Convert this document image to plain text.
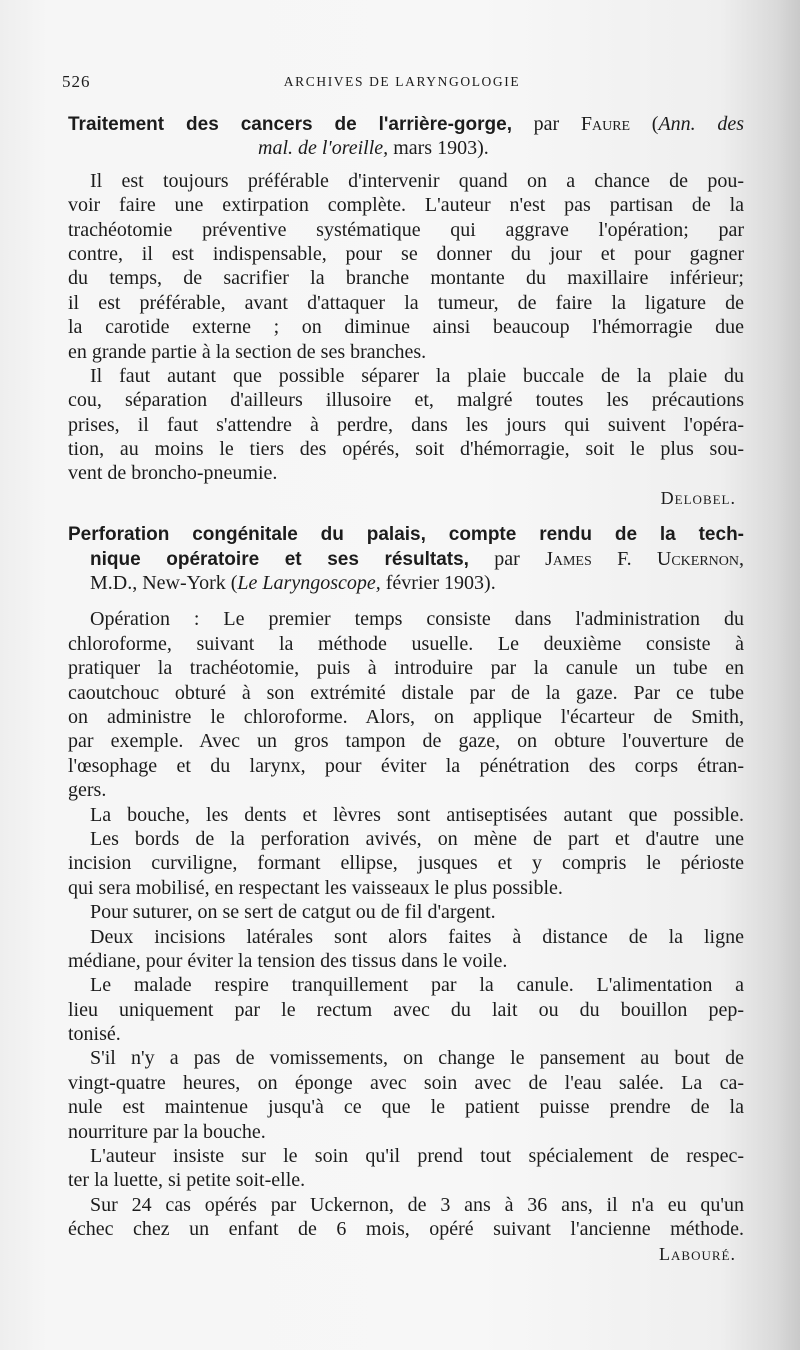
526	ARCHIVES DE LARYNGOLOGIE
Traitement des cancers de l'arrière-gorge, par Faure (Ann. des
mal. de l'oreille, mars 1903).
Il est toujours préférable d'intervenir quand on a chance de pou-
voir faire une extirpation complète. L'auteur n'est pas partisan de la
trachéotomie préventive systématique qui aggrave l'opération; par
contre, il est indispensable, pour se donner du jour et pour gagner
du temps, de sacrifier la branche montante du maxillaire inférieur;
il est préférable, avant d'attaquer la tumeur, de faire la ligature de
la carotide externe ; on diminue ainsi beaucoup l'hémorragie due
en grande partie à la section de ses branches.
Il faut autant que possible séparer la plaie buccale de la plaie du
cou, séparation d'ailleurs illusoire et, malgré toutes les précautions
prises, il faut s'attendre à perdre, dans les jours qui suivent l'opéra-
tion, au moins le tiers des opérés, soit d'hémorragie, soit le plus sou-
vent de broncho-pneumie.
Delobel.
Perforation congénitale du palais, compte rendu de la tech-
nique opératoire et ses résultats, par James F. Uckernon,
M.D., New-York (Le Laryngoscope, février 1903).
Opération : Le premier temps consiste dans l'administration du
chloroforme, suivant la méthode usuelle. Le deuxième consiste à
pratiquer la trachéotomie, puis à introduire par la canule un tube en
caoutchouc obturé à son extrémité distale par de la gaze. Par ce tube
on administre le chloroforme. Alors, on applique l'écarteur de Smith,
par exemple. Avec un gros tampon de gaze, on obture l'ouverture de
l'œsophage et du larynx, pour éviter la pénétration des corps étran-
gers.
La bouche, les dents et lèvres sont antiseptisées autant que possible.
Les bords de la perforation avivés, on mène de part et d'autre une
incision curviligne, formant ellipse, jusques et y compris le périoste
qui sera mobilisé, en respectant les vaisseaux le plus possible.
Pour suturer, on se sert de catgut ou de fil d'argent.
Deux incisions latérales sont alors faites à distance de la ligne
médiane, pour éviter la tension des tissus dans le voile.
Le malade respire tranquillement par la canule. L'alimentation a
lieu uniquement par le rectum avec du lait ou du bouillon pep-
tonisé.
S'il n'y a pas de vomissements, on change le pansement au bout de
vingt-quatre heures, on éponge avec soin avec de l'eau salée. La ca-
nule est maintenue jusqu'à ce que le patient puisse prendre de la
nourriture par la bouche.
L'auteur insiste sur le soin qu'il prend tout spécialement de respec-
ter la luette, si petite soit-elle.
Sur 24 cas opérés par Uckernon, de 3 ans à 36 ans, il n'a eu qu'un
échec chez un enfant de 6 mois, opéré suivant l'ancienne méthode.
Labouré.
